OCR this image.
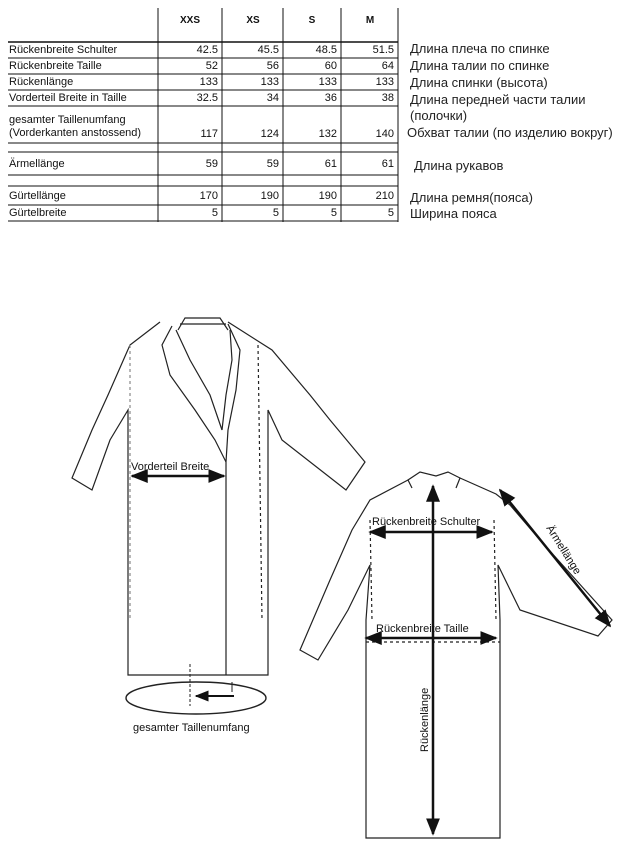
XXS	XS	S	M
Rückenbreite Schulter	42.5	45.5	48.5	51.5 Длина плеча по спинке
Rückenbreite Taille	52	56	60	64 Длина талии по спинке
Rückenlänge	133	133	133	133 Длина спинки (высота)
Vorderteil Breite in Taille	32.5	34	36	38 Длина передней части талии
gesamter Taillenumfang
(Vorderkanten anstossend)	117	124	132	140
(полочки)
Обхват талии (по изделию вокруг)
Ärmellänge	59	59	61	61 Длина рукавов
Gürtellänge	170	190	190	210 Длина ремня(пояса)
Gürtelbreite	5	5	5	5 Ширина пояса
Vorderteil Breite
gesamter Taillenumfang
Rückenbreite Schulter
Rückenbreite Taille
Rückenlänge
Ärmellänge
